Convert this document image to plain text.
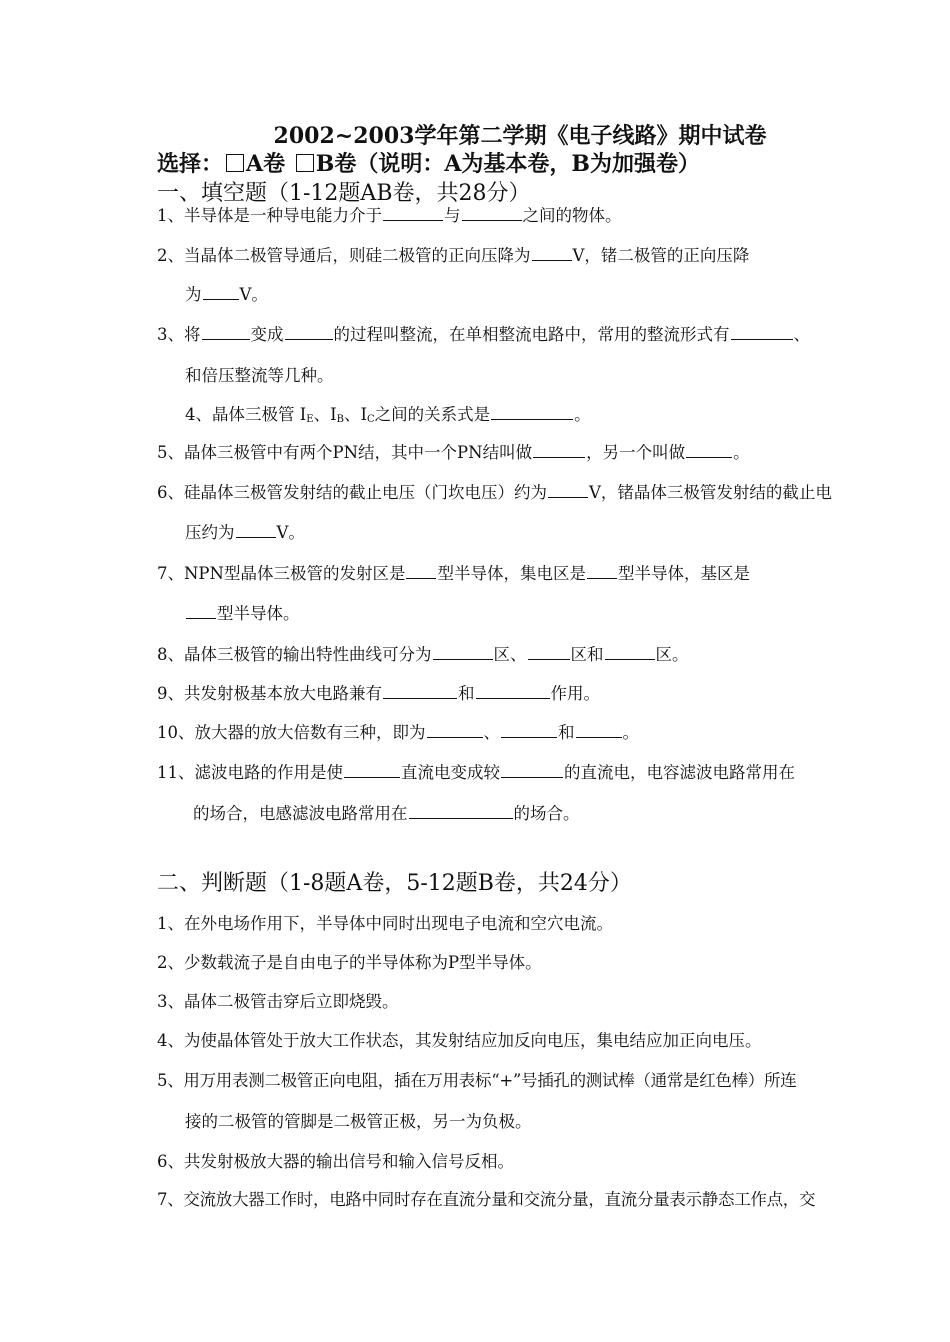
2002~2003学年第二学期《电子线路》期中试卷
选择： A卷 B卷（说明：A为基本卷，B为加强卷）
一、填空题（1-12题AB卷，共28分）
1、半导体是一种导电能力介于	与	之间的物体。
2、当晶体二极管导通后，则硅二极管的正向压降为	V，锗二极管的正向压降
为 V。
3、将	变成	的过程叫整流，在单相整流电路中，常用的整流形式有	、
和倍压整流等几种。
4、晶体三极管 $I_E$、$I_B$、$I_C$之间的关系式是	。
5、晶体三极管中有两个PN结，其中一个PN结叫做	，另一个叫做	。
6、硅晶体三极管发射结的截止电压（门坎电压）约为	V，锗晶体三极管发射结的截止电
压约为	V。
7、NPN型晶体三极管的发射区是 型半导体，集电区是 型半导体，基区是
型半导体。
8、晶体三极管的输出特性曲线可分为	区、	区和	区。
9、共发射极基本放大电路兼有	和	作用。
10、放大器的放大倍数有三种，即为	、	和	。
11、滤波电路的作用是使	直流电变成较	的直流电，电容滤波电路常用在
的场合，电感滤波电路常用在	的场合。
二、判断题（1-8题A卷，5-12题B卷，共24分）
1、在外电场作用下，半导体中同时出现电子电流和空穴电流。
2、少数载流子是自由电子的半导体称为P型半导体。
3、晶体二极管击穿后立即烧毁。
4、为使晶体管处于放大工作状态，其发射结应加反向电压，集电结应加正向电压。
5、用万用表测二极管正向电阻，插在万用表标“+”号插孔的测试棒（通常是红色棒）所连
接的二极管的管脚是二极管正极，另一为负极。
6、共发射极放大器的输出信号和输入信号反相。
7、交流放大器工作时，电路中同时存在直流分量和交流分量，直流分量表示静态工作点，交
